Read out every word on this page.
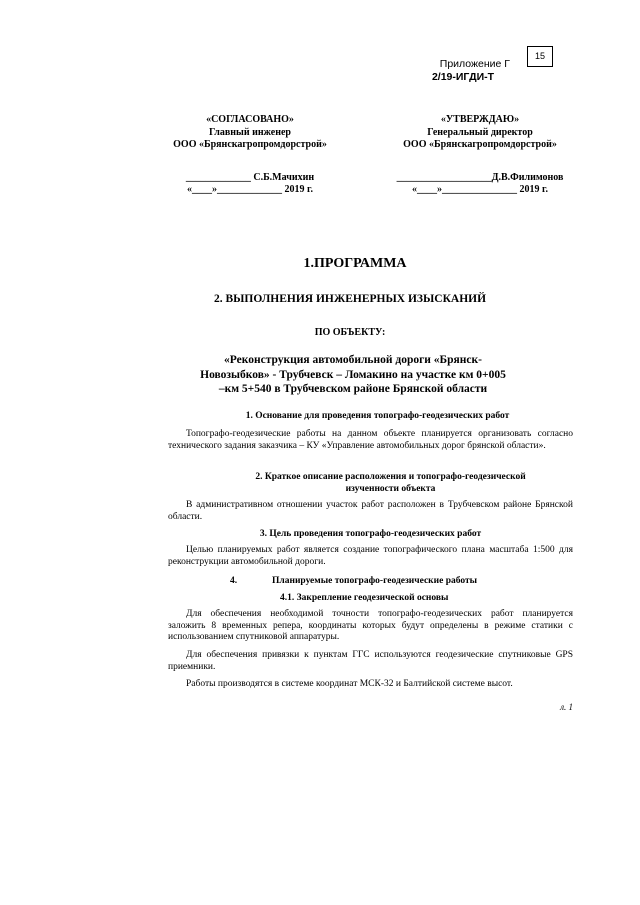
15
Приложение Г
2/19-ИГДИ-Т
«СОГЛАСОВАНО»
Главный инженер
ООО «Брянскагропромдорстрой»
_____________ С.Б.Мачихин
«____»_____________ 2019 г.
«УТВЕРЖДАЮ»
Генеральный директор
ООО «Брянскагропромдорстрой»
___________________Д.В.Филимонов
«____»_______________ 2019 г.
1.ПРОГРАММА
2. ВЫПОЛНЕНИЯ ИНЖЕНЕРНЫХ ИЗЫСКАНИЙ
ПО ОБЪЕКТУ:
«Реконструкция автомобильной дороги «Брянск-
Новозыбков» - Трубчевск – Ломакино на участке км 0+005
–км 5+540 в Трубчевском районе Брянской области
1. Основание для проведения топографо-геодезических работ
Топографо-геодезические работы на данном объекте планируется организовать согласно технического задания заказчика – КУ «Управление автомобильных дорог брянской области».
2. Краткое описание расположения и топографо-геодезической
изученности объекта
В административном отношении участок работ расположен в Трубчевском районе Брянской области.
3. Цель проведения топографо-геодезических работ
Целью планируемых работ является создание топографического плана масштаба 1:500 для реконструкции автомобильной дороги.
4.	Планируемые топографо-геодезические работы
4.1. Закрепление геодезической основы
Для обеспечения необходимой точности топографо-геодезических работ планируется заложить 8 временных репера, координаты которых будут определены в режиме статики с использованием спутниковой аппаратуры.
Для обеспечения привязки к пунктам ГГС используются геодезические спутниковые GPS приемники.
Работы производятся в системе координат МСК-32 и Балтийской системе высот.
л. 1
